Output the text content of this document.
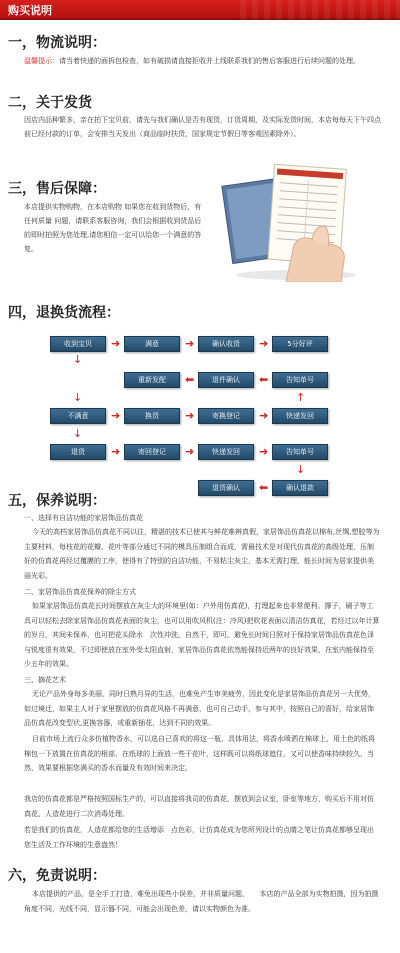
购买说明
一，物流说明：
温馨提示：请当着快递的面拆包检查，如有破损请直接拒收并上线联系我们的售后客服进行后续问题的处理。
二，关于发货
因店内品种繁多，亲在拍下宝贝前，请先与我们确认是否有现货，订货周期，及实际发货时间，本店每每天下午四点前已经付款的订单，会安排当天发出（商品临时扶货，国家规定节假日等客观因素除外）。
三，售后保障：
本店提供实物购物，在本店购物 如果您在收到货物后，有任何质量 问题，请联系客服咨询，我们会根据收到货品后的即时拍照为您处理,请您相信一定可以给您一个满意的答复。
四，退换货流程：
收到宝贝	➜	满意	➜	确认收货	➜	5分好评
↓
重新发配	⬅	退件确认	⬅	告知单号
↓	↑
不满意	➜	换货	➜	寄换登记	➜	快递发回
↓
退货	➜	寄回登记	➜	快递发回	➜	告知单号
↓
退货确认	⬅	确认退款
五，保养说明：
一、选择有自洁功能的家居饰品仿真花
今天的高档家居饰品仿真花不同以往，精湛的技术已使其与鲜花难辨真假，家居饰品仿真花以棉布,丝绸,塑胶等为主要材料，每枝花的花瓣、花叶等部分通过不同的模具压制组合而成，需最技术是对现代仿真花的高级处理，压制好的仿真花再经过覆膜的工序，使得有了特别的自洁功能，不易粘尘灰尘，基本无需打理，能长时间为居家提供美丽光彩。
二、家居饰品仿真花保养的除尘方式
如果家居饰品仿真花长时间摆放在灰尘大的环境里(如：户外用仿真花)，打理起来也非常便利。撑子，刷子等工具可以轻松去除家居饰品仿真花表面的灰尘，也可以用吹风机(注：冷风)把吹花表面以清洁仿真花，若经过以年计算的岁月，其间未保养，也可把花头除水　次性冲洗，自然干，即可。避免长时间日照对于保持家居饰品仿真花色泽与锐度很有效果，不过即使放在室外受太阳直射，家居饰品仿真花依然能保持近两年的良好效果，在室内能保持至少五年的效果。
三、摘花艺术
无论产品外身每多美丽，同时日熟月异的生活，也难免产生审美疲劳，因此变化是家居饰品仿真花另一大优势，如过境迁，如果主人对于家里摆放的仿真花风格不再满意，也可自己动手，参与其中，按照自己的喜好，给家居饰品仿真花改变型状,更换容器，或重新插花，达到不同的效果。
目前市场上流行众多仿植物香水，可以选自己喜欢的将这一瓶，具体用法，将香水喷洒在棉球上，用土色的纸将棉包一下放置在仿真花的根部，在纸球的上面放一些干花叶，这样既可以将纸球遮住，又可以使香味持续较久，当然，效果要根据您满买的香水而量及有效时间来决定。
我店的仿真花都是严格按照国标生产的，可以直接将我司的仿真花，摆放到会议室，卧室等地方，购买后不用对仿真花，人造花进行二次消毒处理。
若是我们的仿真花，人造花都给您的生活增添　点色彩，让仿真花成为您所列设计的点睛之笔让仿真花都够呈现出您生活及工作环境的生意盎然！
六，免责说明：
本店提供的产品，是全手工打造，难免出现些小误差，并非质量问题，　　本店的产品全部为实物拍摄，因为拍摄角度不同，光线不同，显示器不同，可能会出现色差，请以实物颜色为准。
